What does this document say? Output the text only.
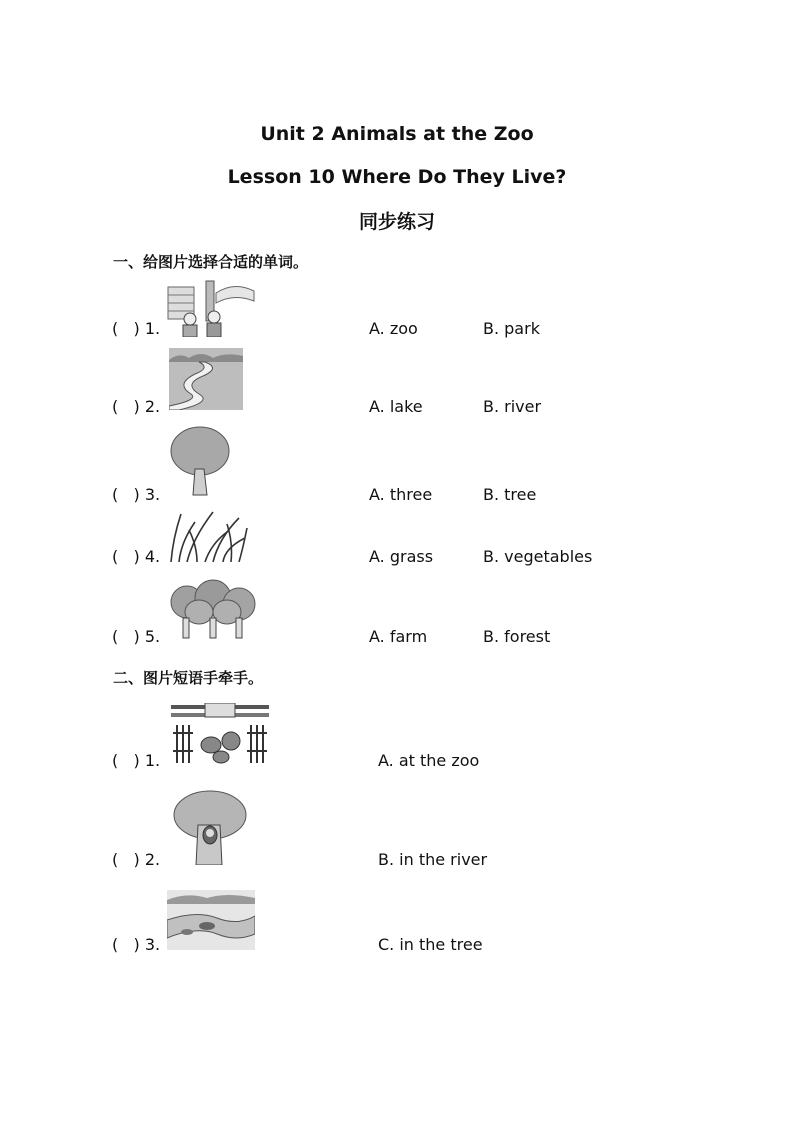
Unit 2 Animals at the Zoo
Lesson 10 Where Do They Live?
同步练习
一、给图片选择合适的单词。
(   ) 1.	A. zoo	B. park
(   ) 2.	A. lake	B. river
(   ) 3.	A. three	B. tree
(   ) 4.	A. grass	B. vegetables
(   ) 5.	A. farm	B. forest
二、图片短语手牵手。
(   ) 1.	A. at the zoo
(   ) 2.	B. in the river
(   ) 3.	C. in the tree
